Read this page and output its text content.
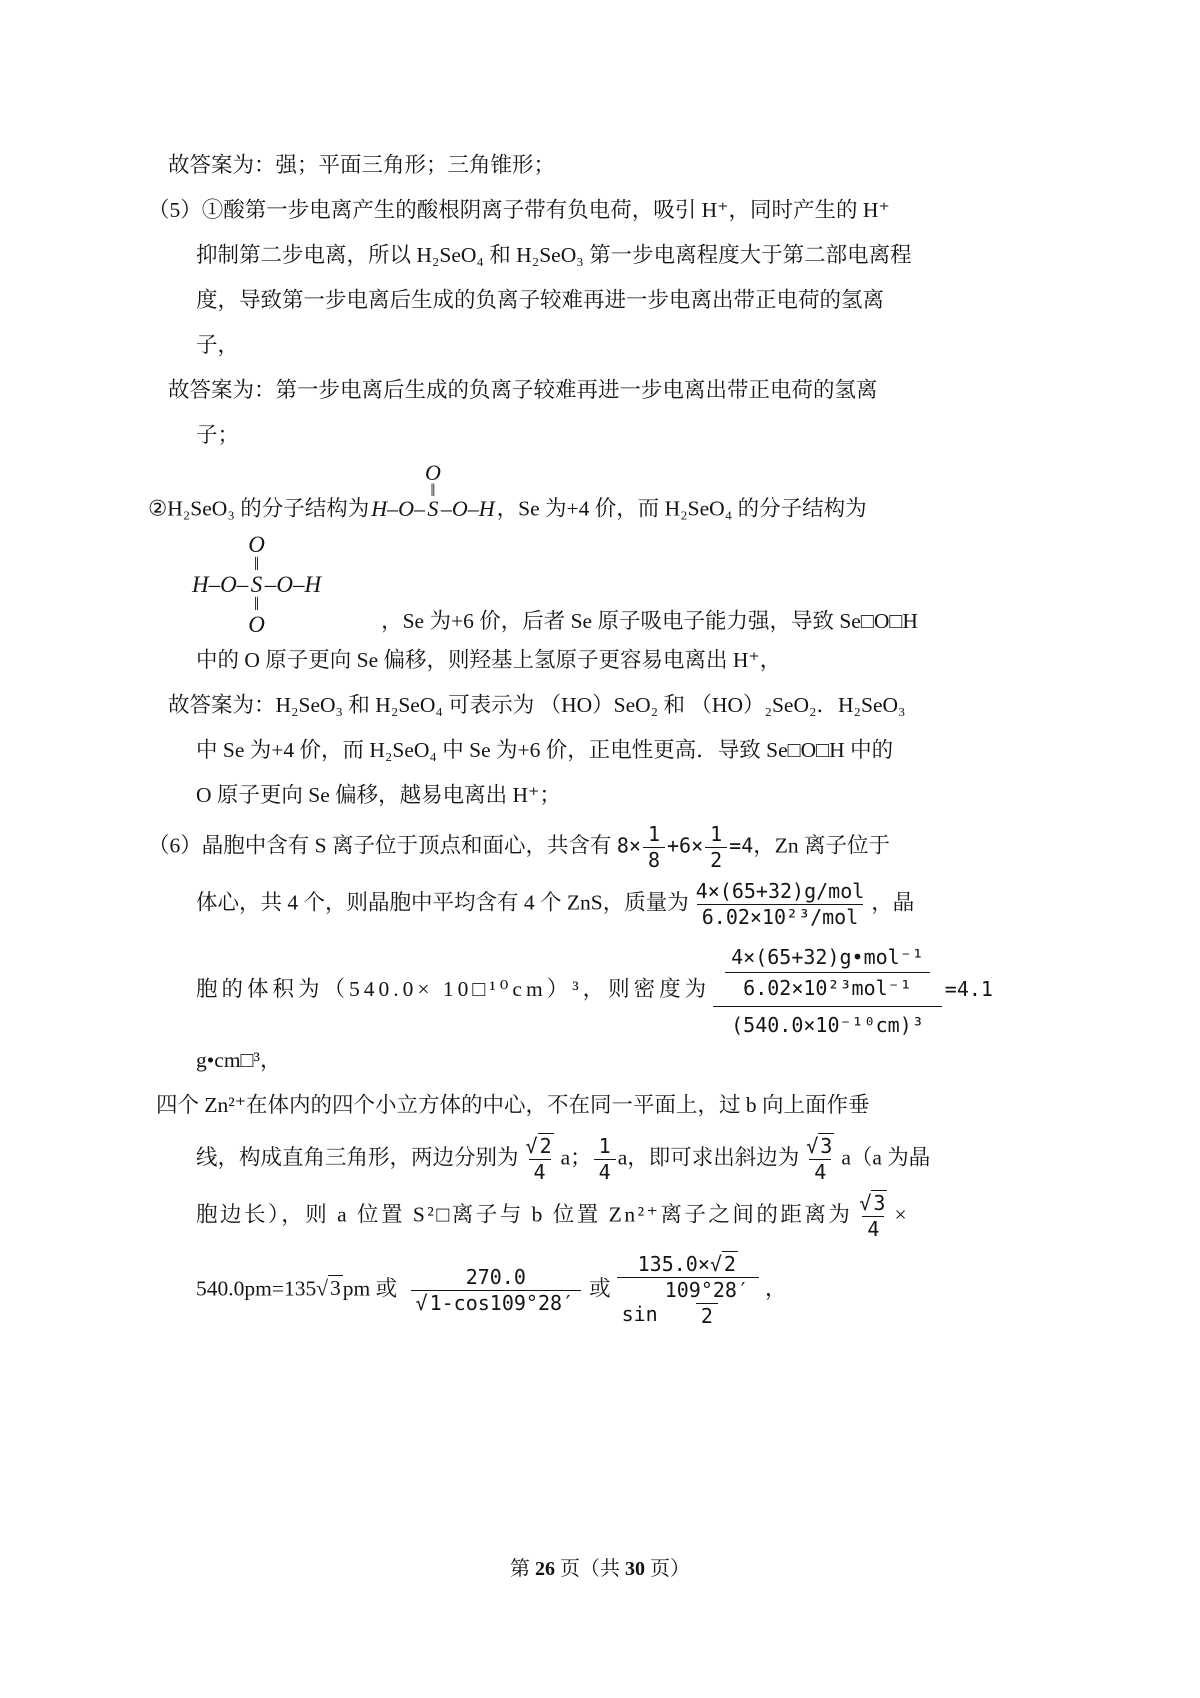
故答案为：强；平面三角形；三角锥形；
（5）①酸第一步电离产生的酸根阴离子带有负电荷，吸引 H⁺，同时产生的 H⁺
抑制第二步电离，所以 H₂SeO₄ 和 H₂SeO₃ 第一步电离程度大于第二部电离程
度，导致第一步电离后生成的负离子较难再进一步电离出带正电荷的氢离
子，
故答案为：第一步电离后生成的负离子较难再进一步电离出带正电荷的氢离
子；
②H₂SeO₃ 的分子结构为 H–O–
O
‖
S –O–H ，Se 为+4 价，而 H₂SeO₄ 的分子结构为
H–O–
O
‖
S
‖
O
–O–H
，Se 为+6 价，后者 Se 原子吸电子能力强，导致 Se□O□H
中的 O 原子更向 Se 偏移，则羟基上氢原子更容易电离出 H⁺，
故答案为：H₂SeO₃ 和 H₂SeO₄ 可表示为 （HO）SeO₂ 和 （HO）₂SeO₂．H₂SeO₃
中 Se 为+4 价，而 H₂SeO₄ 中 Se 为+6 价，正电性更高．导致 Se□O□H 中的
O 原子更向 Se 偏移，越易电离出 H⁺；
（6）晶胞中含有 S 离子位于顶点和面心，共含有 $8\times \frac{1}{8} +6\times \frac{1}{2} =4$，Zn 离子位于
体心，共 4 个，则晶胞中平均含有 4 个 ZnS，质量为 $\frac{\text{4×(65+32)g/mol}}{\text{6.02×10²³/mol}}$ ，晶
胞的体积为（540.0× 10□¹⁰cm）³，则密度为
4×(65+32)g•mol⁻¹
6.02×10²³mol⁻¹
(540.0×10⁻¹⁰cm)³
=4.1
g•cm□³，
四个 Zn²⁺在体内的四个小立方体的中心，不在同一平面上，过 b 向上面作垂
线，构成直角三角形，两边分别为 $\frac{√ 2}{4}$ a； $\frac{1}{4}$ a，即可求出斜边为 $\frac{√ 3}{4} a(a$ 为晶
胞边长），则 a 位置 S²□离子与 b 位置 Zn²⁺离子之间的距离为 $\frac{√ 3}{4}$ ×
540.0pm=135√3pm 或 $\frac{270.0}{√ 1-\cos 109^\circ 28'}$ 或 $\frac{135.0\times√ 2}{\sin \frac{109^\circ 28'}{2}}$ ，
第 26 页（共 30 页）
